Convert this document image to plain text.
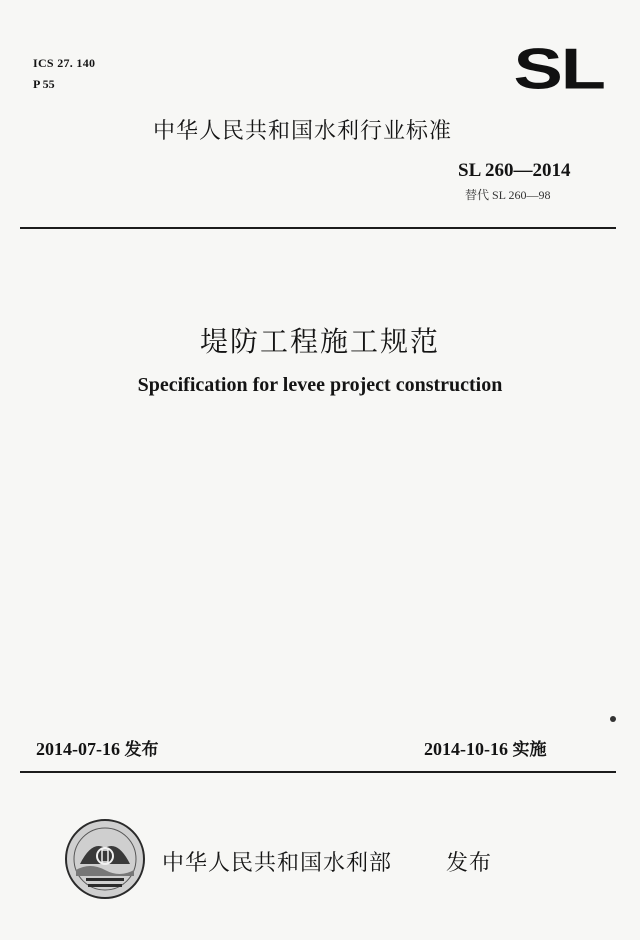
ICS 27. 140
P 55	SL
中华人民共和国水利行业标准
SL 260—2014
替代 SL 260—98
堤防工程施工规范
Specification for levee project construction
2014-07-16 发布	2014-10-16 实施
中华人民共和国水利部 发布
